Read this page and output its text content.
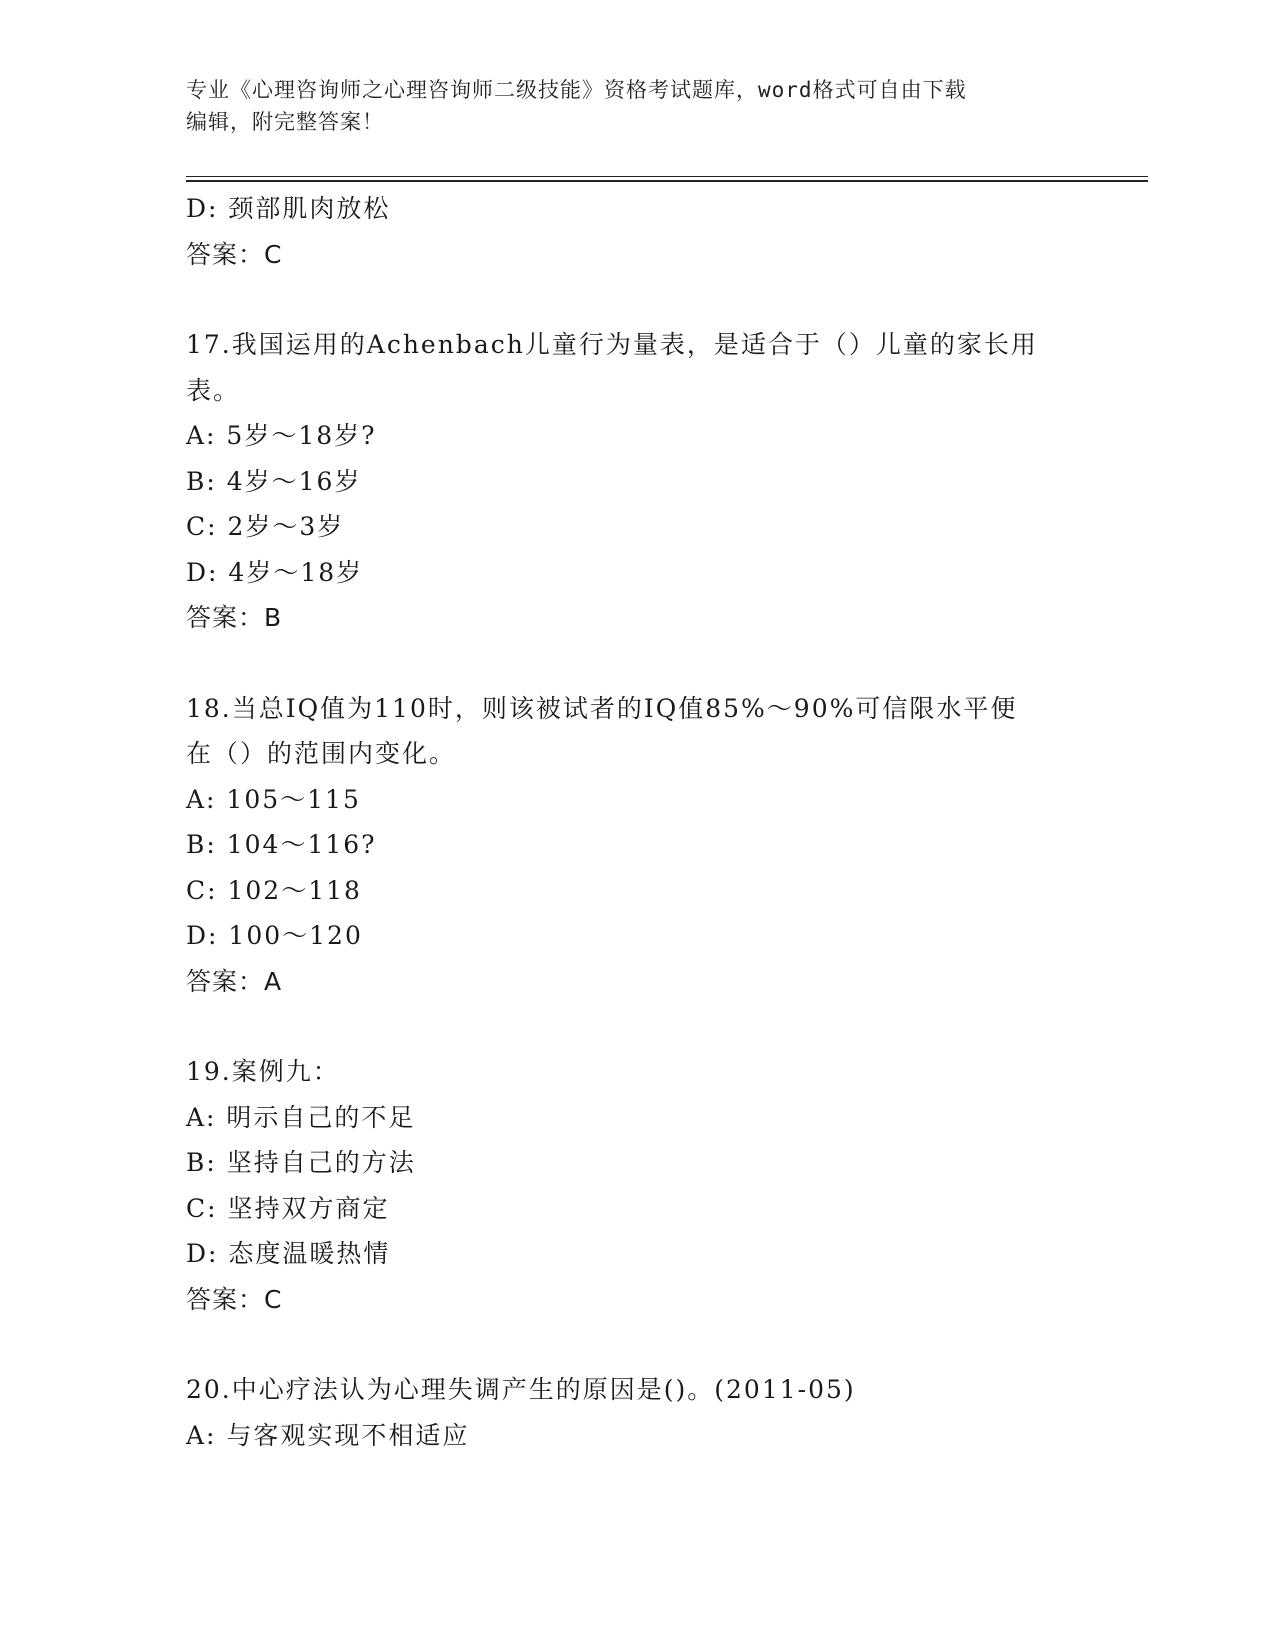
专业《心理咨询师之心理咨询师二级技能》资格考试题库，word格式可自由下载
编辑，附完整答案！
D: 颈部肌肉放松
答案：C
17.我国运用的Achenbach儿童行为量表，是适合于（）儿童的家长用
表。
A: 5岁～18岁?
B: 4岁～16岁
C: 2岁～3岁
D: 4岁～18岁
答案：B
18.当总IQ值为110时，则该被试者的IQ值85%～90%可信限水平便
在（）的范围内变化。
A: 105～115
B: 104～116?
C: 102～118
D: 100～120
答案：A
19.案例九：
A: 明示自己的不足
B: 坚持自己的方法
C: 坚持双方商定
D: 态度温暖热情
答案：C
20.中心疗法认为心理失调产生的原因是()。(2011-05)
A: 与客观实现不相适应
